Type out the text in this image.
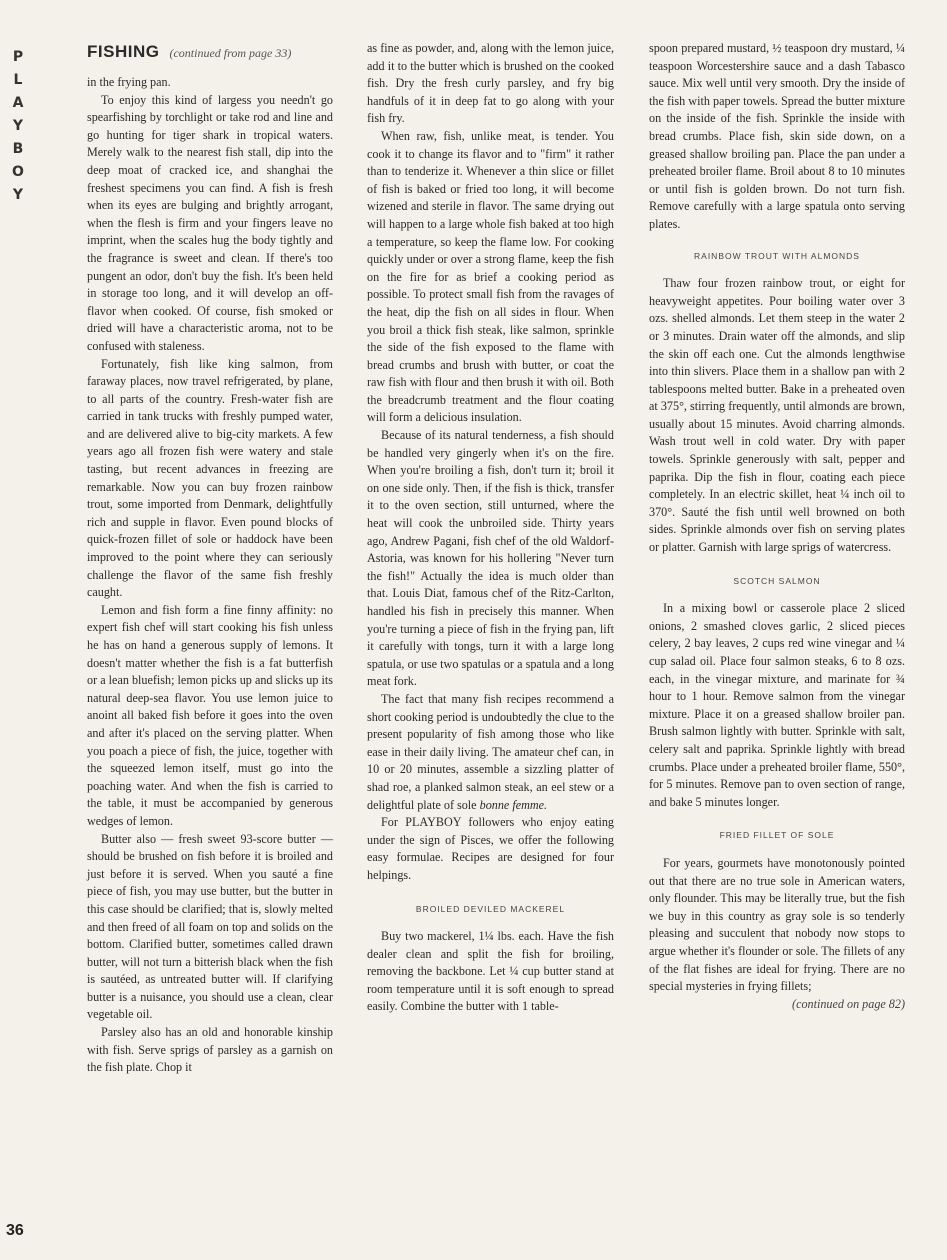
P
L
A
Y
B
O
Y
FISHING (continued from page 33)

in the frying pan.

To enjoy this kind of largess you needn't go spearfishing by torchlight or take rod and line and go hunting for tiger shark in tropical waters. Merely walk to the nearest fish stall, dip into the deep moat of cracked ice, and shanghai the freshest specimens you can find. A fish is fresh when its eyes are bulging and brightly arrogant, when the flesh is firm and your fingers leave no imprint, when the scales hug the body tightly and the fragrance is sweet and clean. If there's too pungent an odor, don't buy the fish. It's been held in storage too long, and it will develop an off-flavor when cooked. Of course, fish smoked or dried will have a characteristic aroma, not to be confused with staleness.

Fortunately, fish like king salmon, from faraway places, now travel refrigerated, by plane, to all parts of the country. Fresh-water fish are carried in tank trucks with freshly pumped water, and are delivered alive to big-city markets. A few years ago all frozen fish were watery and stale tasting, but recent advances in freezing are remarkable. Now you can buy frozen rainbow trout, some imported from Denmark, delightfully rich and supple in flavor. Even pound blocks of quick-frozen fillet of sole or haddock have been improved to the point where they can seriously challenge the flavor of the same fish freshly caught.

Lemon and fish form a fine finny affinity: no expert fish chef will start cooking his fish unless he has on hand a generous supply of lemons. It doesn't matter whether the fish is a fat butterfish or a lean bluefish; lemon picks up and slicks up its natural deep-sea flavor. You use lemon juice to anoint all baked fish before it goes into the oven and after it's placed on the serving platter. When you poach a piece of fish, the juice, together with the squeezed lemon itself, must go into the poaching water. And when the fish is carried to the table, it must be accompanied by generous wedges of lemon.

Butter also — fresh sweet 93-score butter — should be brushed on fish before it is broiled and just before it is served. When you sauté a fine piece of fish, you may use butter, but the butter in this case should be clarified; that is, slowly melted and then freed of all foam on top and solids on the bottom. Clarified butter, sometimes called drawn butter, will not turn a bitterish black when the fish is sautéed, as untreated butter will. If clarifying butter is a nuisance, you should use a clean, clear vegetable oil.

Parsley also has an old and honorable kinship with fish. Serve sprigs of parsley as a garnish on the fish plate. Chop it

as fine as powder, and, along with the lemon juice, add it to the butter which is brushed on the cooked fish. Dry the fresh curly parsley, and fry big handfuls of it in deep fat to go along with your fish fry.

When raw, fish, unlike meat, is tender. You cook it to change its flavor and to "firm" it rather than to tenderize it. Whenever a thin slice or fillet of fish is baked or fried too long, it will become wizened and sterile in flavor. The same drying out will happen to a large whole fish baked at too high a temperature, so keep the flame low. For cooking quickly under or over a strong flame, keep the fish on the fire for as brief a cooking period as possible. To protect small fish from the ravages of the heat, dip the fish on all sides in flour. When you broil a thick fish steak, like salmon, sprinkle the side of the fish exposed to the flame with bread crumbs and brush with butter, or coat the raw fish with flour and then brush it with oil. Both the breadcrumb treatment and the flour coating will form a delicious insulation.

Because of its natural tenderness, a fish should be handled very gingerly when it's on the fire. When you're broiling a fish, don't turn it; broil it on one side only. Then, if the fish is thick, transfer it to the oven section, still unturned, where the heat will cook the unbroiled side. Thirty years ago, Andrew Pagani, fish chef of the old Waldorf-Astoria, was known for his hollering "Never turn the fish!" Actually the idea is much older than that. Louis Diat, famous chef of the Ritz-Carlton, handled his fish in precisely this manner. When you're turning a piece of fish in the frying pan, lift it carefully with tongs, turn it with a large long spatula, or use two spatulas or a spatula and a long meat fork.

The fact that many fish recipes recommend a short cooking period is undoubtedly the clue to the present popularity of fish among those who like ease in their daily living. The amateur chef can, in 10 or 20 minutes, assemble a sizzling platter of shad roe, a planked salmon steak, an eel stew or a delightful plate of sole bonne femme.

For PLAYBOY followers who enjoy eating under the sign of Pisces, we offer the following easy formulae. Recipes are designed for four helpings.

BROILED DEVILED MACKEREL

Buy two mackerel, 1¼ lbs. each. Have the fish dealer clean and split the fish for broiling, removing the backbone. Let ¼ cup butter stand at room temperature until it is soft enough to spread easily. Combine the butter with 1 table-

spoon prepared mustard, ½ teaspoon dry mustard, ¼ teaspoon Worcestershire sauce and a dash Tabasco sauce. Mix well until very smooth. Dry the inside of the fish with paper towels. Spread the butter mixture on the inside of the fish. Sprinkle the inside with bread crumbs. Place fish, skin side down, on a greased shallow broiling pan. Place the pan under a preheated broiler flame. Broil about 8 to 10 minutes or until fish is golden brown. Do not turn fish. Remove carefully with a large spatula onto serving plates.

RAINBOW TROUT WITH ALMONDS

Thaw four frozen rainbow trout, or eight for heavyweight appetites. Pour boiling water over 3 ozs. shelled almonds. Let them steep in the water 2 or 3 minutes. Drain water off the almonds, and slip the skin off each one. Cut the almonds lengthwise into thin slivers. Place them in a shallow pan with 2 tablespoons melted butter. Bake in a preheated oven at 375°, stirring frequently, until almonds are brown, usually about 15 minutes. Avoid charring almonds. Wash trout well in cold water. Dry with paper towels. Sprinkle generously with salt, pepper and paprika. Dip the fish in flour, coating each piece completely. In an electric skillet, heat ¼ inch oil to 370°. Sauté the fish until well browned on both sides. Sprinkle almonds over fish on serving plates or platter. Garnish with large sprigs of watercress.

SCOTCH SALMON

In a mixing bowl or casserole place 2 sliced onions, 2 smashed cloves garlic, 2 sliced pieces celery, 2 bay leaves, 2 cups red wine vinegar and ¼ cup salad oil. Place four salmon steaks, 6 to 8 ozs. each, in the vinegar mixture, and marinate for ¾ hour to 1 hour. Remove salmon from the vinegar mixture. Place it on a greased shallow broiler pan. Brush salmon lightly with butter. Sprinkle with salt, celery salt and paprika. Sprinkle lightly with bread crumbs. Place under a preheated broiler flame, 550°, for 5 minutes. Remove pan to oven section of range, and bake 5 minutes longer.

FRIED FILLET OF SOLE

For years, gourmets have monotonously pointed out that there are no true sole in American waters, only flounder. This may be literally true, but the fish we buy in this country as gray sole is so tenderly pleasing and succulent that nobody now stops to argue whether it's flounder or sole. The fillets of any of the flat fishes are ideal for frying. There are no special mysteries in frying fillets;

(continued on page 82)
36
